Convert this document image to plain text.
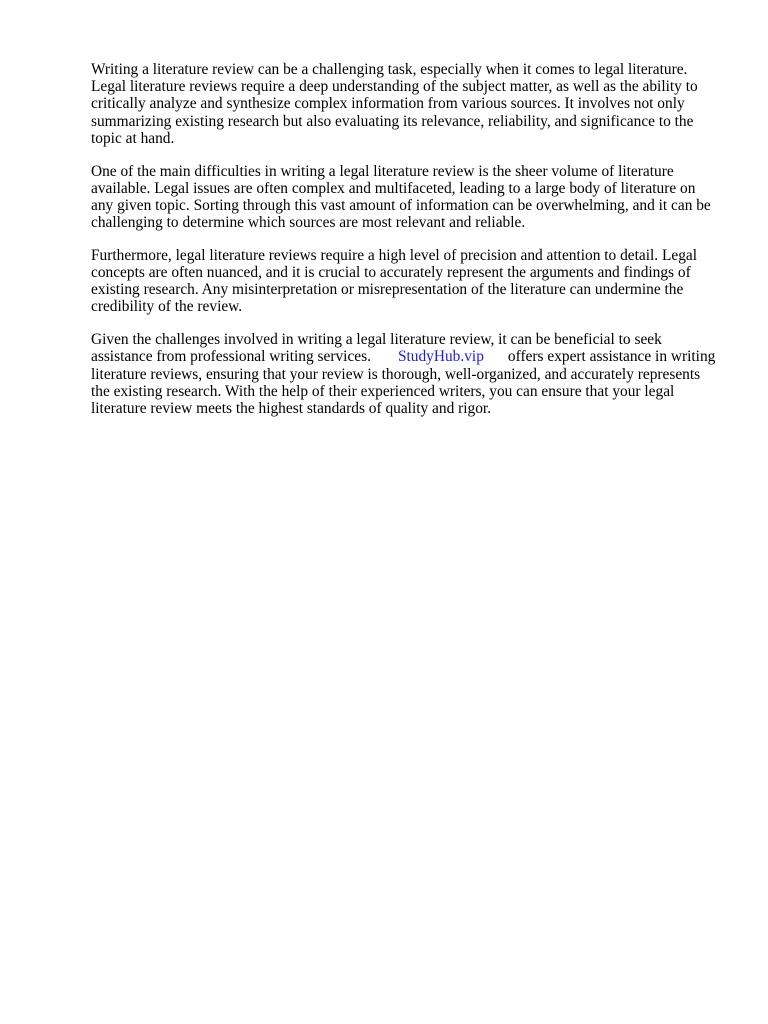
Writing a literature review can be a challenging task, especially when it comes to legal literature.
Legal literature reviews require a deep understanding of the subject matter, as well as the ability to
critically analyze and synthesize complex information from various sources. It involves not only
summarizing existing research but also evaluating its relevance, reliability, and significance to the
topic at hand.

One of the main difficulties in writing a legal literature review is the sheer volume of literature
available. Legal issues are often complex and multifaceted, leading to a large body of literature on
any given topic. Sorting through this vast amount of information can be overwhelming, and it can be
challenging to determine which sources are most relevant and reliable.

Furthermore, legal literature reviews require a high level of precision and attention to detail. Legal
concepts are often nuanced, and it is crucial to accurately represent the arguments and findings of
existing research. Any misinterpretation or misrepresentation of the literature can undermine the
credibility of the review.

Given the challenges involved in writing a legal literature review, it can be beneficial to seek
assistance from professional writing services. StudyHub.vip offers expert assistance in writing
literature reviews, ensuring that your review is thorough, well-organized, and accurately represents
the existing research. With the help of their experienced writers, you can ensure that your legal
literature review meets the highest standards of quality and rigor.
